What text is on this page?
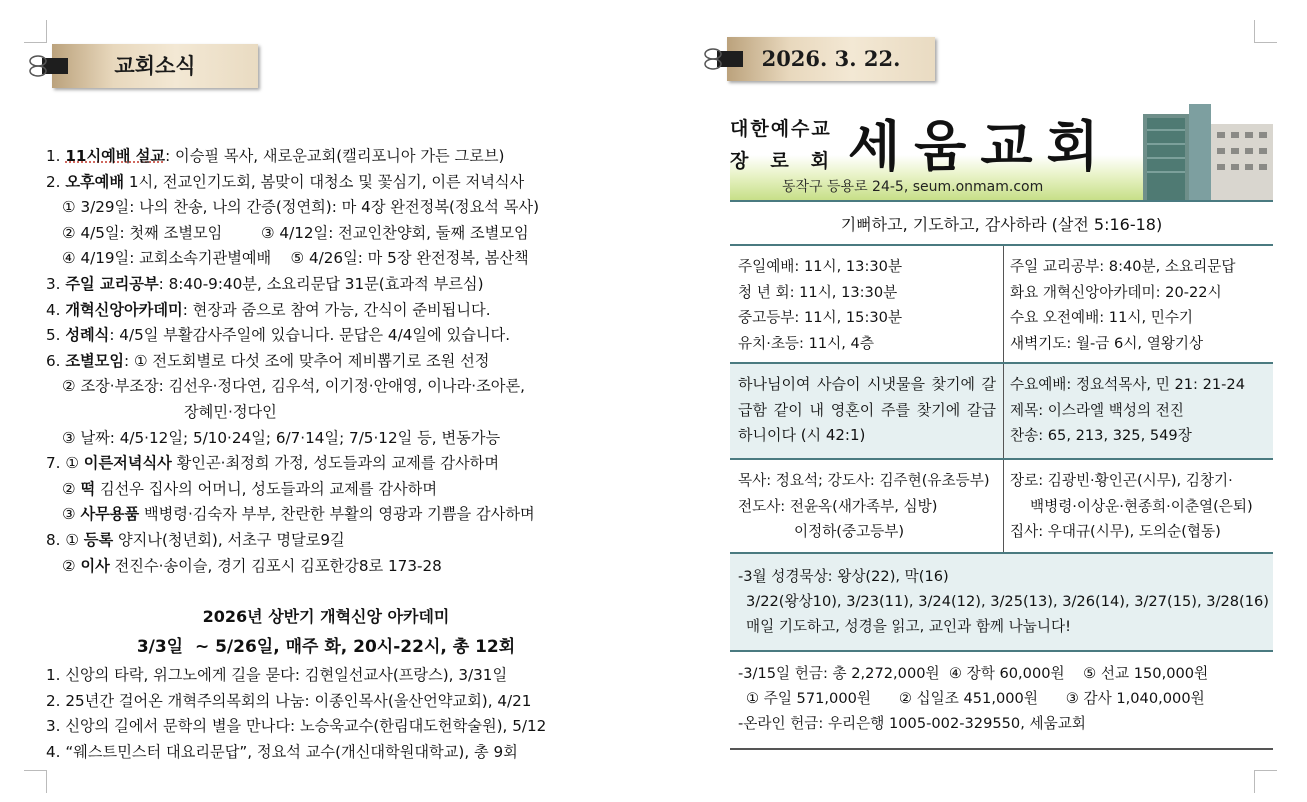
교회소식	2026. 3. 22.
1. 11시예배 설교: 이승필 목사, 새로운교회(캘리포니아 가든 그로브)
2. 오후예배 1시, 전교인기도회, 봄맞이 대청소 및 꽃심기, 이른 저녁식사
① 3/29일: 나의 찬송, 나의 간증(정연희): 마 4장 완전정복(정요석 목사)
② 4/5일: 첫째 조별모임        ③ 4/12일: 전교인찬양회, 둘째 조별모임
④ 4/19일: 교회소속기관별예배    ⑤ 4/26일: 마 5장 완전정복, 봄산책
3. 주일 교리공부: 8:40-9:40분, 소요리문답 31문(효과적 부르심)
4. 개혁신앙아카데미: 현장과 줌으로 참여 가능, 간식이 준비됩니다.
5. 성례식: 4/5일 부활감사주일에 있습니다. 문답은 4/4일에 있습니다.
6. 조별모임: ① 전도회별로 다섯 조에 맞추어 제비뽑기로 조원 선정
② 조장·부조장: 김선우·정다연, 김우석, 이기정·안애영, 이나라·조아론,
장혜민·정다인
③ 날짜: 4/5·12일; 5/10·24일; 6/7·14일; 7/5·12일 등, 변동가능
7. ① 이른저녁식사 황인곤·최정희 가정, 성도들과의 교제를 감사하며
② 떡 김선우 집사의 어머니, 성도들과의 교제를 감사하며
③ 사무용품 백병령·김숙자 부부, 찬란한 부활의 영광과 기쁨을 감사하며
8. ① 등록 양지나(청년회), 서초구 명달로9길
② 이사 전진수·송이슬, 경기 김포시 김포한강8로 173-28
2026년 상반기 개혁신앙 아카데미
3/3일  ~ 5/26일, 매주 화, 20시-22시, 총 12회
1. 신앙의 타락, 위그노에게 길을 묻다: 김현일선교사(프랑스), 3/31일
2. 25년간 걸어온 개혁주의목회의 나눔: 이종인목사(울산언약교회), 4/21
3. 신앙의 길에서 문학의 별을 만나다: 노승욱교수(한림대도헌학술원), 5/12
4. “웨스트민스터 대요리문답”, 정요석 교수(개신대학원대학교), 총 9회
대한예수교
장로회
세움교회
동작구 등용로 24-5, seum.onmam.com
기뻐하고, 기도하고, 감사하라 (살전 5:16-18)
주일예배: 11시, 13:30분
청 년 회: 11시, 13:30분
중고등부: 11시, 15:30분
유치·초등: 11시, 4층
주일 교리공부: 8:40분, 소요리문답
화요 개혁신앙아카데미: 20-22시
수요 오전예배: 11시, 민수기
새벽기도: 월-금 6시, 열왕기상
하나님이여 사슴이 시냇물을 찾기에 갈급함 같이 내 영혼이 주를 찾기에 갈급하니이다 (시 42:1)
수요예배: 정요석목사, 민 21: 21-24
제목: 이스라엘 백성의 전진
찬송: 65, 213, 325, 549장
목사: 정요석; 강도사: 김주현(유초등부)
전도사: 전윤옥(새가족부, 심방)
이정하(중고등부)
장로: 김광빈·황인곤(시무), 김창기·
백병령·이상운·현종희·이춘열(은퇴)
집사: 우대규(시무), 도의순(협동)
-3월 성경묵상: 왕상(22), 막(16)
3/22(왕상10), 3/23(11), 3/24(12), 3/25(13), 3/26(14), 3/27(15), 3/28(16)
매일 기도하고, 성경을 읽고, 교인과 함께 나눕니다!
-3/15일 헌금: 총 2,272,000원  ④ 장학 60,000원    ⑤ 선교 150,000원
① 주일 571,000원      ② 십일조 451,000원      ③ 감사 1,040,000원
-온라인 헌금: 우리은행 1005-002-329550, 세움교회
